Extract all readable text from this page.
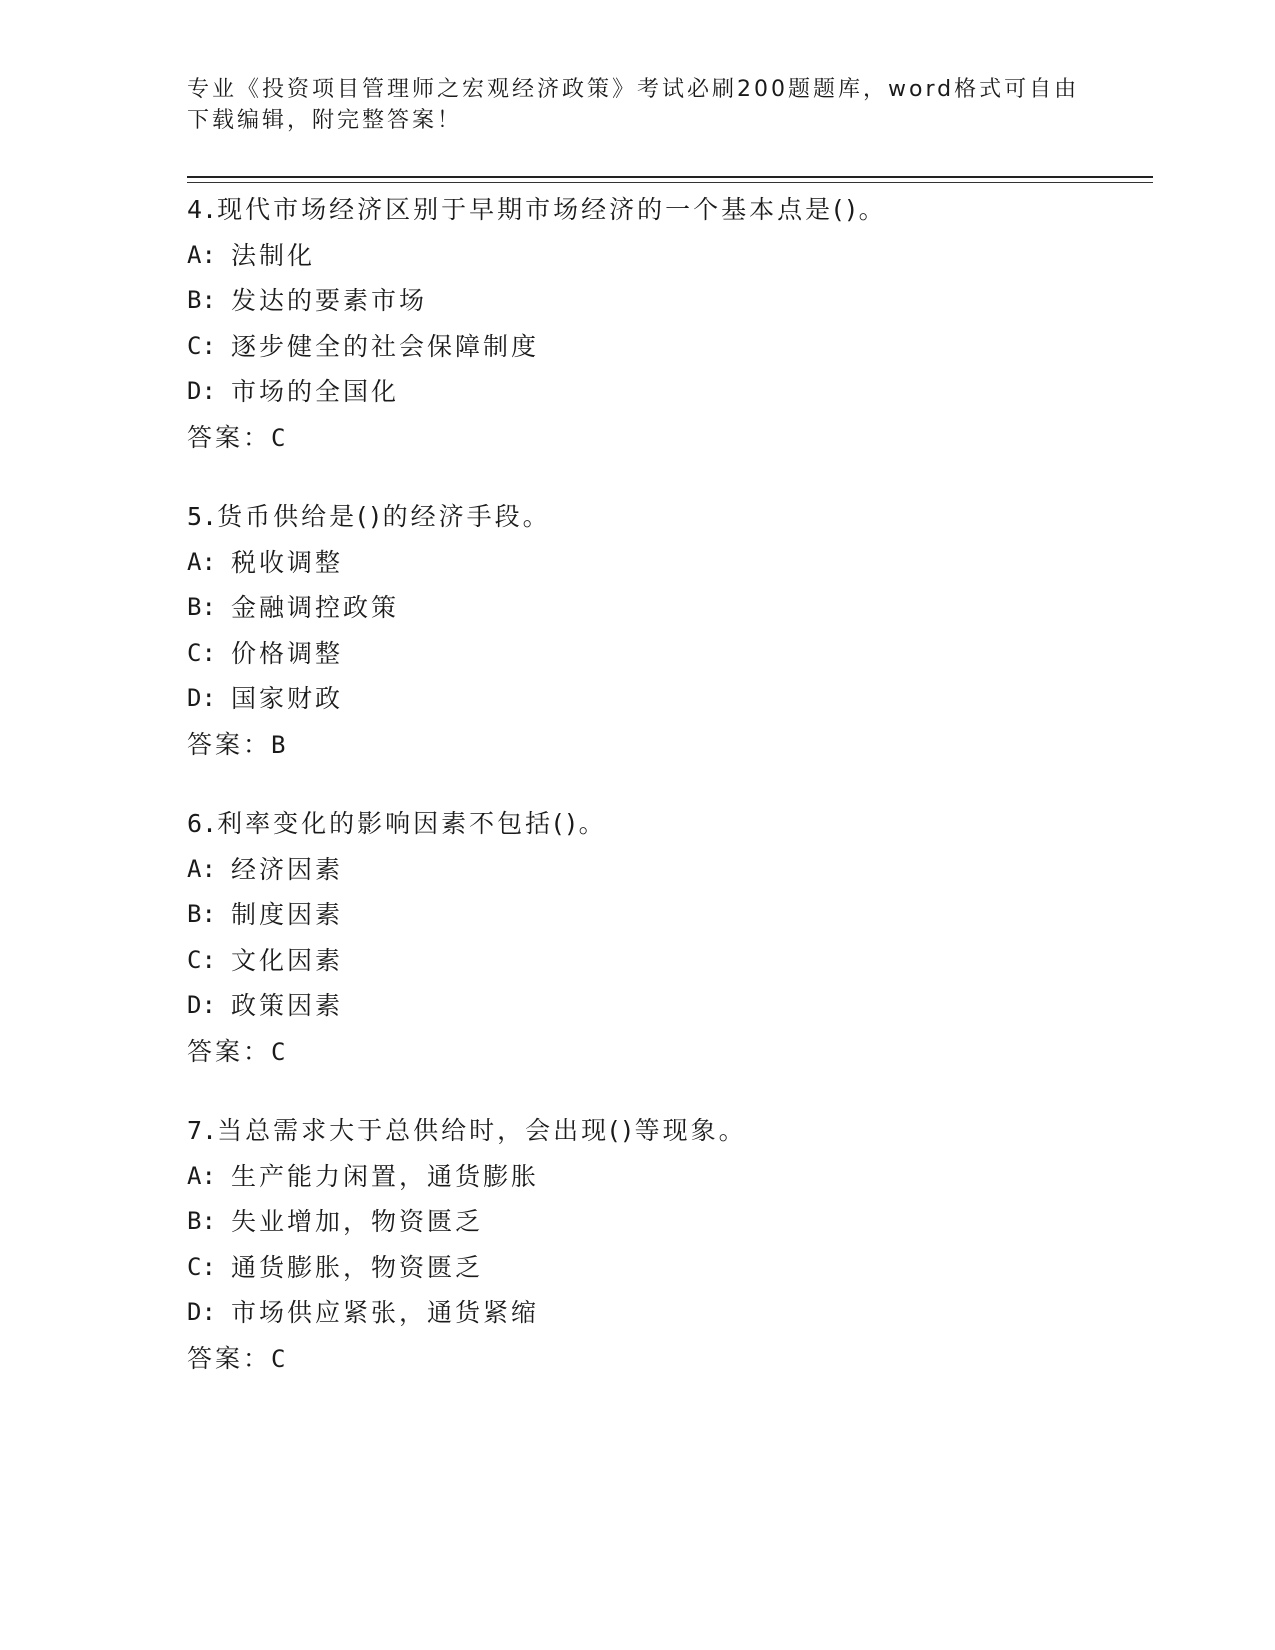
专业《投资项目管理师之宏观经济政策》考试必刷200题题库，word格式可自由

下载编辑，附完整答案！

4.现代市场经济区别于早期市场经济的一个基本点是()。
A: 法制化
B: 发达的要素市场
C: 逐步健全的社会保障制度
D: 市场的全国化
答案：C
5.货币供给是()的经济手段。
A: 税收调整
B: 金融调控政策
C: 价格调整
D: 国家财政
答案：B
6.利率变化的影响因素不包括()。
A: 经济因素
B: 制度因素
C: 文化因素
D: 政策因素
答案：C
7.当总需求大于总供给时，会出现()等现象。
A: 生产能力闲置，通货膨胀
B: 失业增加，物资匮乏
C: 通货膨胀，物资匮乏
D: 市场供应紧张，通货紧缩
答案：C
